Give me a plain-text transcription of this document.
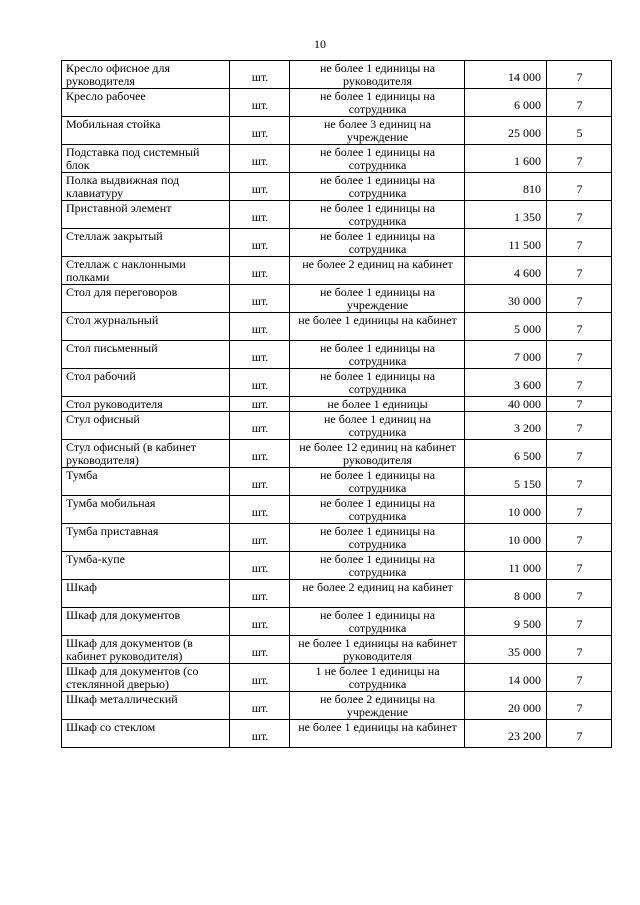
10
Кресло офисное для руководителя	шт.	не более 1 единицы на руководителя	14 000	7
Кресло рабочее	шт.	не более 1 единицы на сотрудника	6 000	7
Мобильная стойка	шт.	не более 3 единиц на учреждение	25 000	5
Подставка под системный блок	шт.	не более 1 единицы на сотрудника	1 600	7
Полка выдвижная под клавиатуру	шт.	не более 1 единицы на сотрудника	810	7
Приставной элемент	шт.	не более 1 единицы на сотрудника	1 350	7
Стеллаж закрытый	шт.	не более 1 единицы на сотрудника	11 500	7
Стеллаж с наклонными полками	шт.	не более 2 единиц на кабинет	4 600	7
Стол для переговоров	шт.	не более 1 единицы на учреждение	30 000	7
Стол журнальный	шт.	не более 1 единицы на кабинет	5 000	7
Стол письменный	шт.	не более 1 единицы на сотрудника	7 000	7
Стол рабочий	шт.	не более 1 единицы на сотрудника	3 600	7
Стол руководителя	шт.	не более 1 единицы	40 000	7
Стул офисный	шт.	не более 1 единиц на сотрудника	3 200	7
Стул офисный (в кабинет руководителя)	шт.	не более 12 единиц на кабинет руководителя	6 500	7
Тумба	шт.	не более 1 единицы на сотрудника	5 150	7
Тумба мобильная	шт.	не более 1 единицы на сотрудника	10 000	7
Тумба приставная	шт.	не более 1 единицы на сотрудника	10 000	7
Тумба-купе	шт.	не более 1 единицы на сотрудника	11 000	7
Шкаф	шт.	не более 2 единиц на кабинет	8 000	7
Шкаф для документов	шт.	не более 1 единицы на сотрудника	9 500	7
Шкаф для документов (в кабинет руководителя)	шт.	не более 1 единицы на кабинет руководителя	35 000	7
Шкаф для документов (со стеклянной дверью)	шт.	1 не более 1 единицы на сотрудника	14 000	7
Шкаф металлический	шт.	не более 2 единицы на учреждение	20 000	7
Шкаф со стеклом	шт.	не более 1 единицы на кабинет	23 200	7
